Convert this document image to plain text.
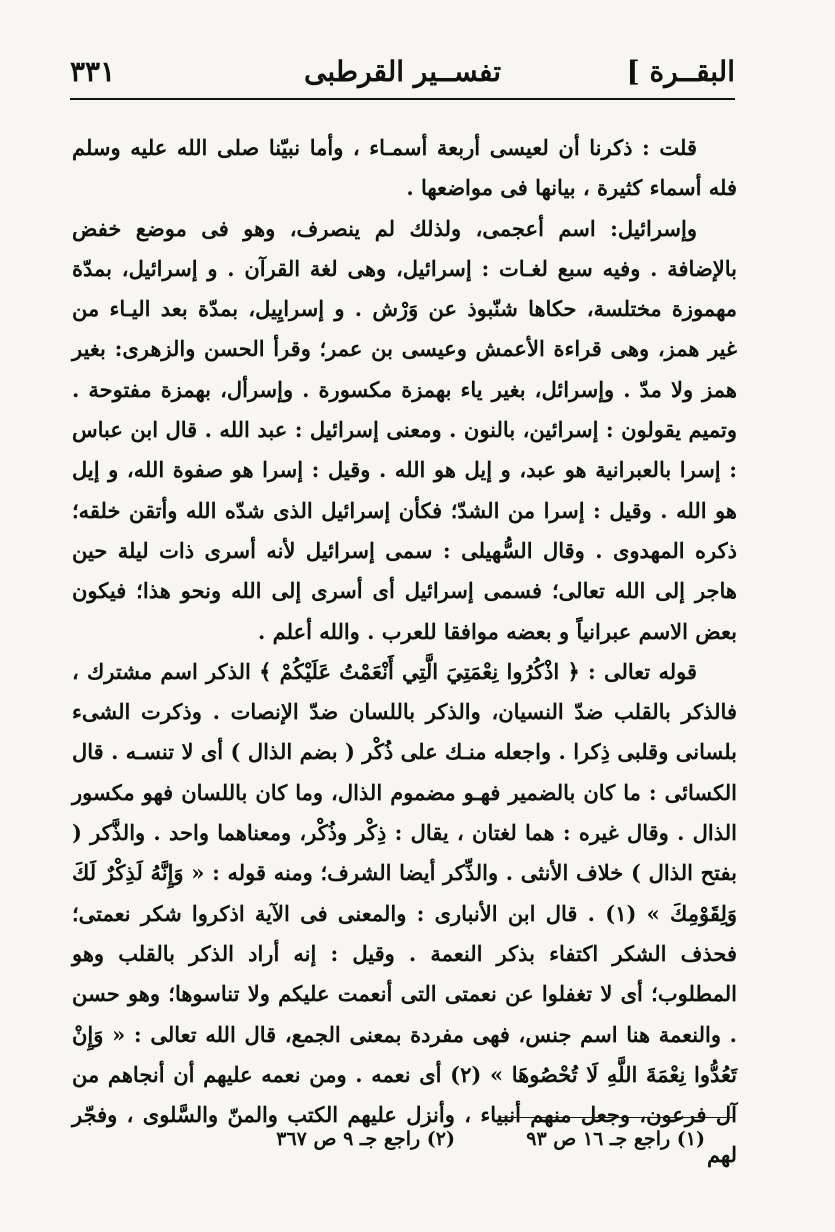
البقــرة ]
تفســير القرطبى
٣٣١

قلت : ذكرنا أن لعيسى أربعة أسمـاء ، وأما نبيّنا صلى الله عليه وسلم فله أسماء كثيرة ، بيانها فى مواضعها .

وإسرائيل: اسم أعجمى، ولذلك لم ينصرف، وهو فى موضع خفض بالإضافة . وفيه سبع لغـات : إسرائيل، وهى لغة القرآن . و إسرائيل، بمدّة مهموزة مختلسة، حكاها شنّبوذ عن وَرْش . و إسرايِيل، بمدّة بعد اليـاء من غير همز، وهى قراءة الأعمش وعيسى بن عمر؛ وقرأ الحسن والزهرى: بغير همز ولا مدّ . وإسرائل، بغير ياء بهمزة مكسورة . وإسرأل، بهمزة مفتوحة . وتميم يقولون : إسرائين، بالنون . ومعنى إسرائيل : عبد الله . قال ابن عباس : إسرا بالعبرانية هو عبد، و إيل هو الله . وقيل : إسرا هو صفوة الله، و إيل هو الله . وقيل : إسرا من الشدّ؛ فكأن إسرائيل الذى شدّه الله وأتقن خلقه؛ ذكره المهدوى . وقال السُّهيلى : سمى إسرائيل لأنه أسرى ذات ليلة حين هاجر إلى الله تعالى؛ فسمى إسرائيل أى أسرى إلى الله ونحو هذا؛ فيكون بعض الاسم عبرانياً و بعضه موافقا للعرب . والله أعلم .

قوله تعالى : ﴿ اذْكُرُوا نِعْمَتِيَ الَّتِي أَنْعَمْتُ عَلَيْكُمْ ﴾ الذكر اسم مشترك ، فالذكر بالقلب ضدّ النسيان، والذكر باللسان ضدّ الإنصات . وذكرت الشىء بلسانى وقلبى ذِكرا . واجعله منـك على ذُكْر ( بضم الذال ) أى لا تنسـه . قال الكسائى : ما كان بالضمير فهـو مضموم الذال، وما كان باللسان فهو مكسور الذال . وقال غيره : هما لغتان ، يقال : ذِكْر وذُكْر، ومعناهما واحد . والذَّكر ( بفتح الذال ) خلاف الأنثى . والذِّكر أيضا الشرف؛ ومنه قوله : « وَإِنَّهُ لَذِكْرٌ لَكَ وَلِقَوْمِكَ » (١) . قال ابن الأنبارى : والمعنى فى الآية اذكروا شكر نعمتى؛ فحذف الشكر اكتفاء بذكر النعمة . وقيل : إنه أراد الذكر بالقلب وهو المطلوب؛ أى لا تغفلوا عن نعمتى التى أنعمت عليكم ولا تناسوها؛ وهو حسن . والنعمة هنا اسم جنس، فهى مفردة بمعنى الجمع، قال الله تعالى : « وَإِنْ تَعُدُّوا نِعْمَةَ اللَّهِ لَا تُحْصُوهَا » (٢) أى نعمه . ومن نعمه عليهم أن أنجاهم من آل فرعون، وجعل منهم أنبياء ، وأنزل عليهم الكتب والمنّ والسَّلوى ، وفجّر لهم

(١) راجع جـ ١٦ ص ٩٣
(٢) راجع جـ ٩ ص ٣٦٧
